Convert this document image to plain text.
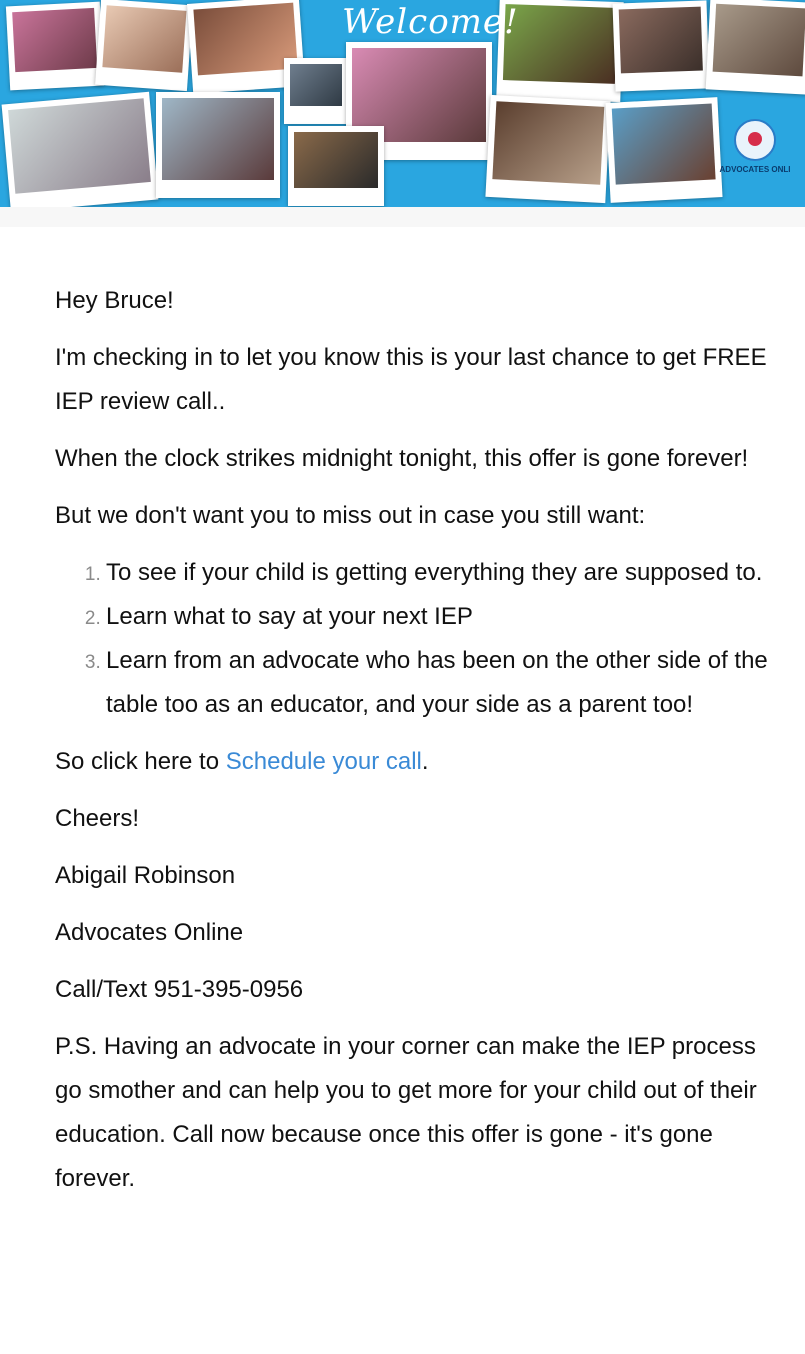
Welcome!
ADVOCATES ONLI

Hey Bruce!

I'm checking in to let you know this is your last chance to get FREE IEP review call..

When the clock strikes midnight tonight, this offer is gone forever!

But we don't want you to miss out in case you still want:

1. To see if your child is getting everything they are supposed to.
2. Learn what to say at your next IEP
3. Learn from an advocate who has been on the other side of the table too as an educator, and your side as a parent too!

So click here to Schedule your call.

Cheers!

Abigail Robinson

Advocates Online

Call/Text 951-395-0956

P.S. Having an advocate in your corner can make the IEP process go smother and can help you to get more for your child out of their education. Call now because once this offer is gone - it's gone forever.
